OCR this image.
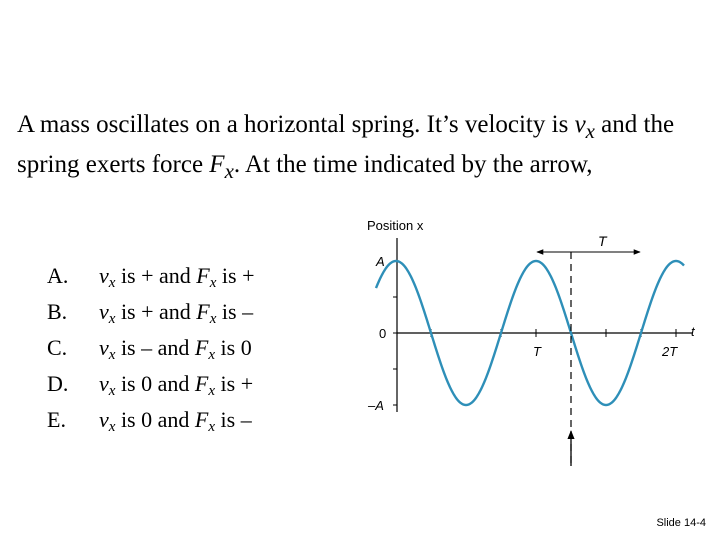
A mass oscillates on a horizontal spring. It’s velocity is $v_x$ and the spring exerts force $F_x$. At the time indicated by the arrow,
A.	$v_x$ is + and $F_x$ is +
B.	$v_x$ is + and $F_x$ is –
C.	$v_x$ is – and $F_x$ is 0
D.	$v_x$ is 0 and $F_x$ is +
E.	$v_x$ is 0 and $F_x$ is –
Position x
A
0
–A
T	2T
t
T
Slide 14-4
